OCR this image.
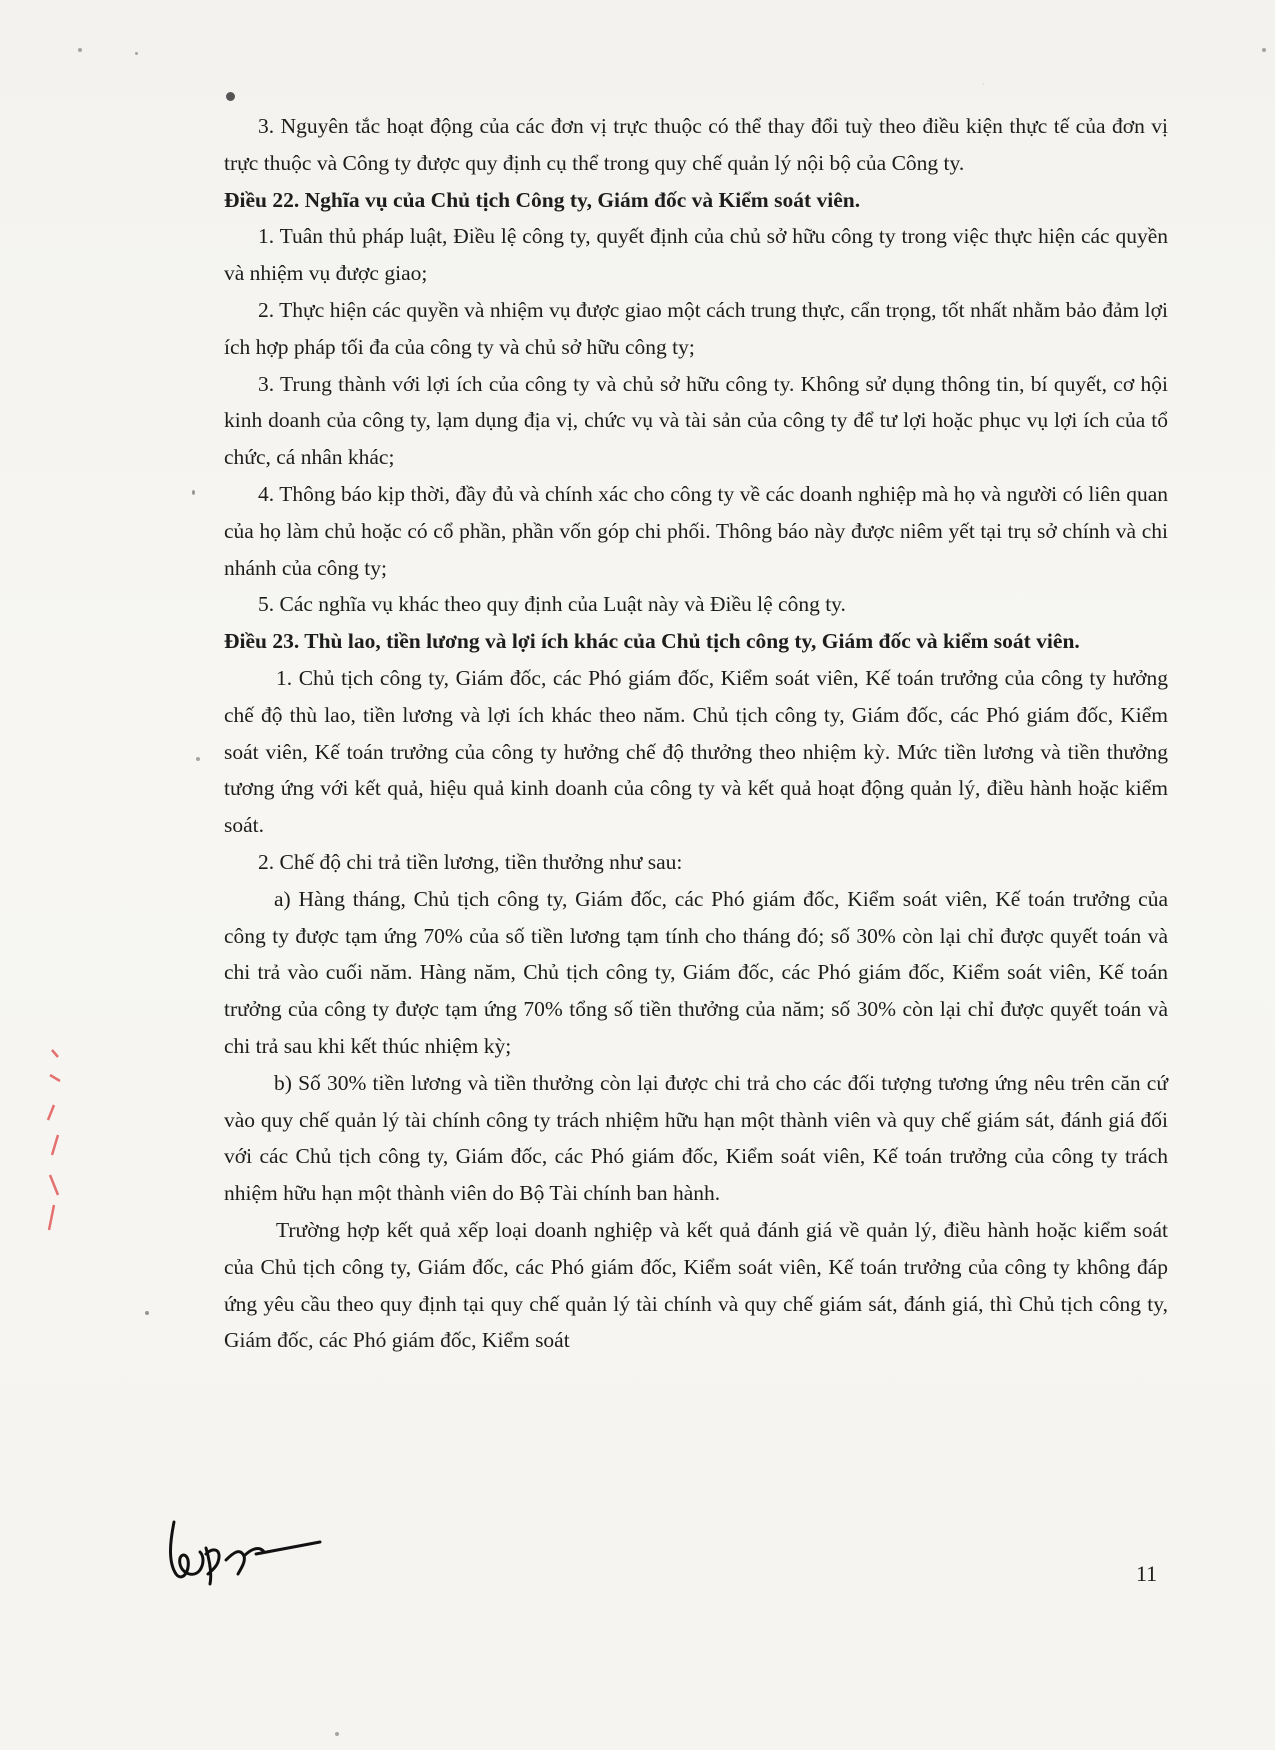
·

3. Nguyên tắc hoạt động của các đơn vị trực thuộc có thể thay đổi tuỳ theo điều kiện thực tế của đơn vị trực thuộc và Công ty được quy định cụ thể trong quy chế quản lý nội bộ của Công ty.

Điều 22. Nghĩa vụ của Chủ tịch Công ty, Giám đốc và Kiểm soát viên.

1. Tuân thủ pháp luật, Điều lệ công ty, quyết định của chủ sở hữu công ty trong việc thực hiện các quyền và nhiệm vụ được giao;

2. Thực hiện các quyền và nhiệm vụ được giao một cách trung thực, cẩn trọng, tốt nhất nhằm bảo đảm lợi ích hợp pháp tối đa của công ty và chủ sở hữu công ty;

3. Trung thành với lợi ích của công ty và chủ sở hữu công ty. Không sử dụng thông tin, bí quyết, cơ hội kinh doanh của công ty, lạm dụng địa vị, chức vụ và tài sản của công ty để tư lợi hoặc phục vụ lợi ích của tổ chức, cá nhân khác;

4. Thông báo kịp thời, đầy đủ và chính xác cho công ty về các doanh nghiệp mà họ và người có liên quan của họ làm chủ hoặc có cổ phần, phần vốn góp chi phối. Thông báo này được niêm yết tại trụ sở chính và chi nhánh của công ty;

5. Các nghĩa vụ khác theo quy định của Luật này và Điều lệ công ty.

Điều 23. Thù lao, tiền lương và lợi ích khác của Chủ tịch công ty, Giám đốc và kiểm soát viên.

1. Chủ tịch công ty, Giám đốc, các Phó giám đốc, Kiểm soát viên, Kế toán trưởng của công ty hưởng chế độ thù lao, tiền lương và lợi ích khác theo năm. Chủ tịch công ty, Giám đốc, các Phó giám đốc, Kiểm soát viên, Kế toán trưởng của công ty hưởng chế độ thưởng theo nhiệm kỳ. Mức tiền lương và tiền thưởng tương ứng với kết quả, hiệu quả kinh doanh của công ty và kết quả hoạt động quản lý, điều hành hoặc kiểm soát.

2. Chế độ chi trả tiền lương, tiền thưởng như sau:

a) Hàng tháng, Chủ tịch công ty, Giám đốc, các Phó giám đốc, Kiểm soát viên, Kế toán trưởng của công ty được tạm ứng 70% của số tiền lương tạm tính cho tháng đó; số 30% còn lại chỉ được quyết toán và chi trả vào cuối năm. Hàng năm, Chủ tịch công ty, Giám đốc, các Phó giám đốc, Kiểm soát viên, Kế toán trưởng của công ty được tạm ứng 70% tổng số tiền thưởng của năm; số 30% còn lại chỉ được quyết toán và chi trả sau khi kết thúc nhiệm kỳ;

b) Số 30% tiền lương và tiền thưởng còn lại được chi trả cho các đối tượng tương ứng nêu trên căn cứ vào quy chế quản lý tài chính công ty trách nhiệm hữu hạn một thành viên và quy chế giám sát, đánh giá đối với các Chủ tịch công ty, Giám đốc, các Phó giám đốc, Kiểm soát viên, Kế toán trưởng của công ty trách nhiệm hữu hạn một thành viên do Bộ Tài chính ban hành.

Trường hợp kết quả xếp loại doanh nghiệp và kết quả đánh giá về quản lý, điều hành hoặc kiểm soát của Chủ tịch công ty, Giám đốc, các Phó giám đốc, Kiểm soát viên, Kế toán trưởng của công ty không đáp ứng yêu cầu theo quy định tại quy chế quản lý tài chính và quy chế giám sát, đánh giá, thì Chủ tịch công ty, Giám đốc, các Phó giám đốc, Kiểm soát

11
